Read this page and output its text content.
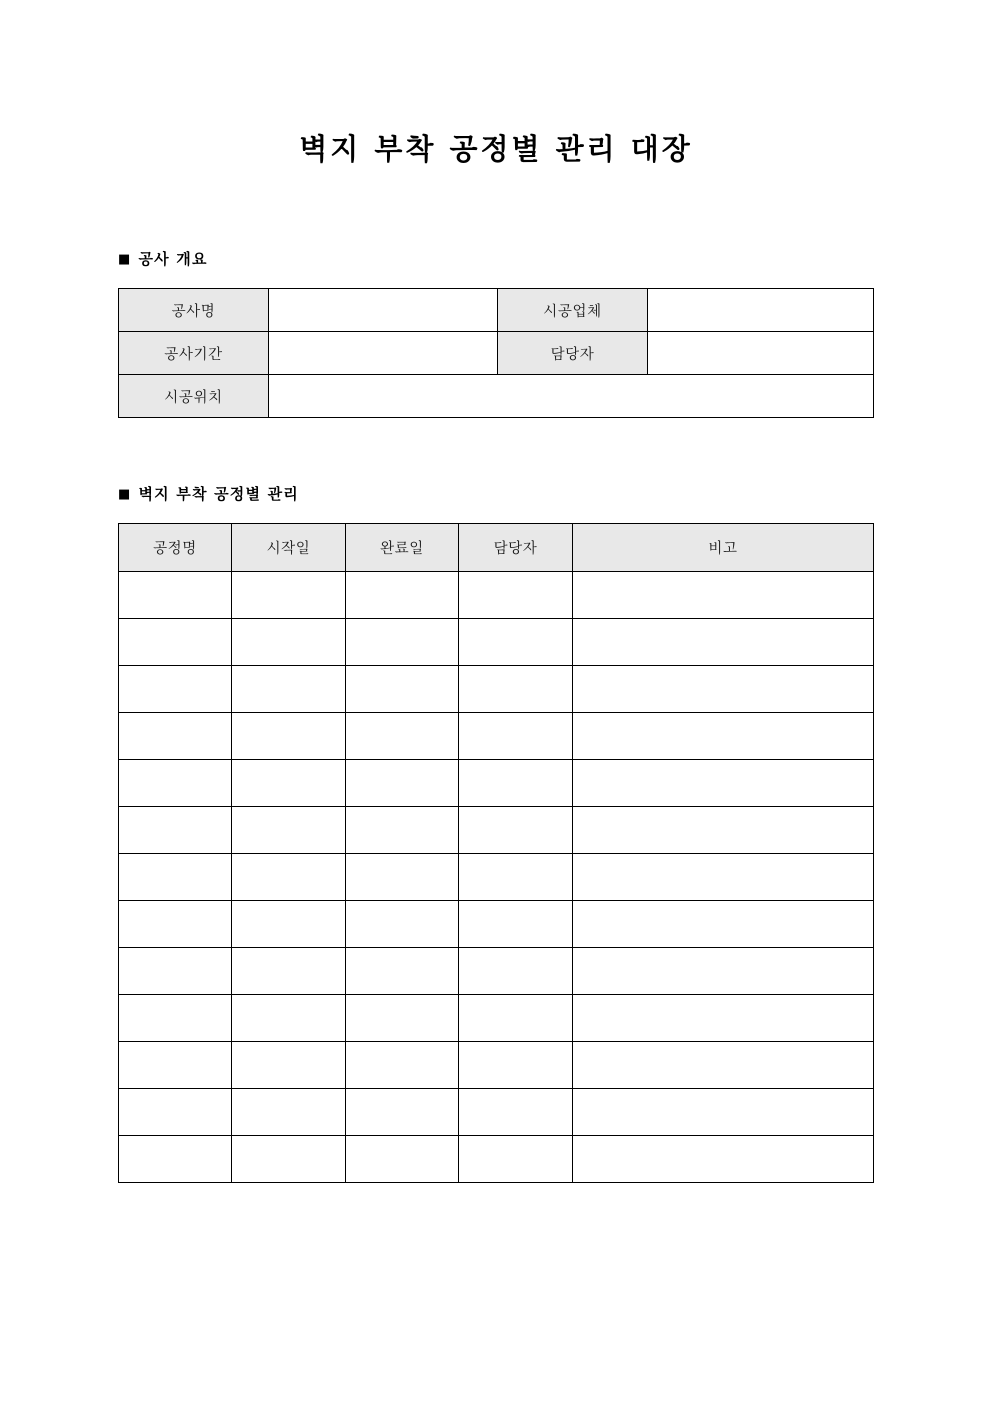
벽지 부착 공정별 관리 대장
■ 공사 개요
공사명		시공업체	
공사기간		담당자	
시공위치			
■ 벽지 부착 공정별 관리
공정명	시작일	완료일	담당자	비고
